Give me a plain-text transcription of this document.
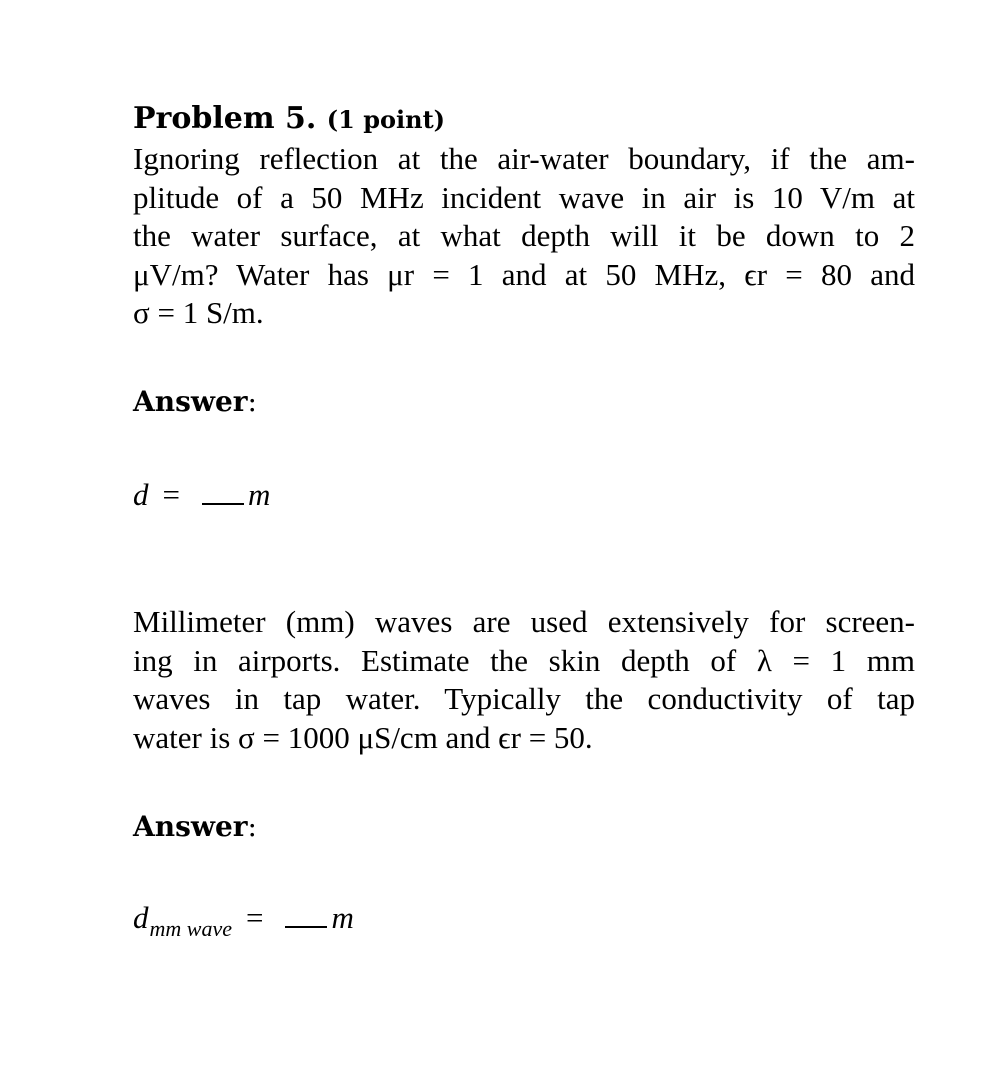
Problem 5. (1 point)
Ignoring reflection at the air-water boundary, if the am-
plitude of a 50 MHz incident wave in air is 10 V/m at
the water surface, at what depth will it be down to 2
μV/m? Water has μr = 1 and at 50 MHz, ϵr = 80 and
σ = 1 S/m.
Answer:
d = m
Millimeter (mm) waves are used extensively for screen-
ing in airports. Estimate the skin depth of λ = 1 mm
waves in tap water. Typically the conductivity of tap
water is σ = 1000 μS/cm and ϵr = 50.
Answer:
$d_{mm wave} = m$
